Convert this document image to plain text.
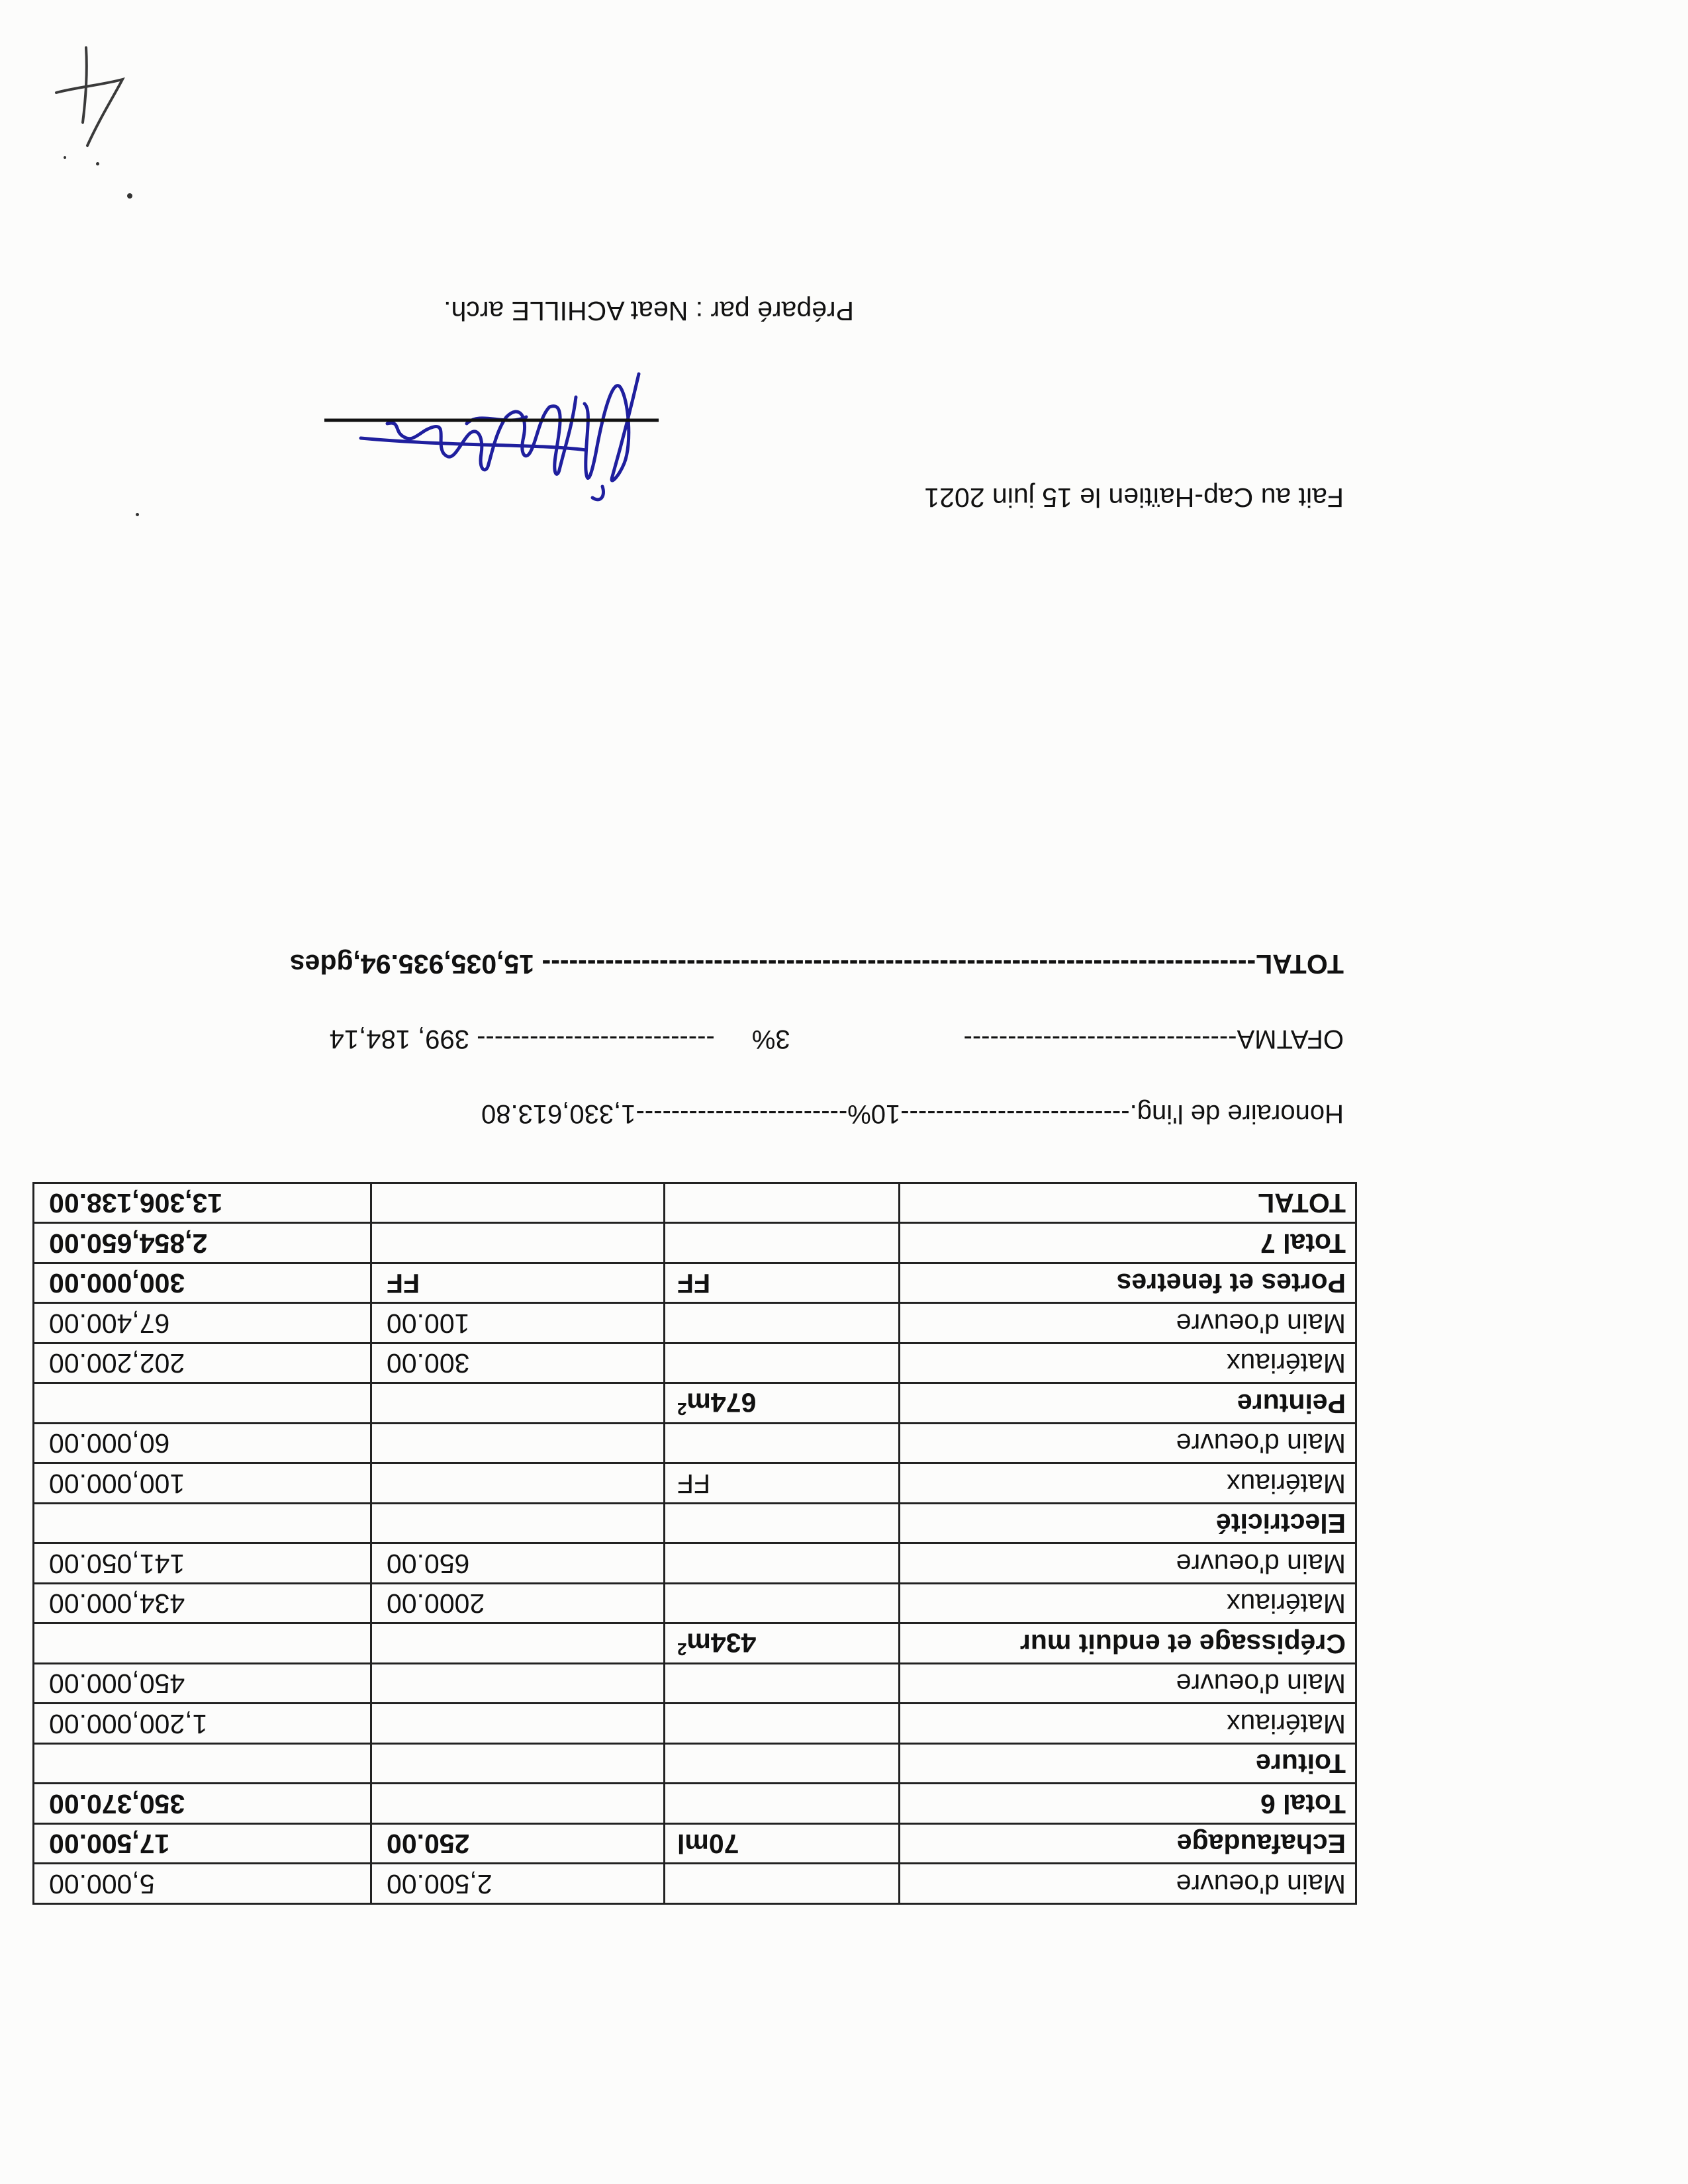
Main d'oeuvre		2,500.00	5,000.00
Echafaudage	70ml	250.00	17,500.00
Total 6			350,370.00
Toiture			
Matériaux			1,200,000.00
Main d'oeuvre			450,000.00
Crépissage et enduit mur	$434m^2$		
Matériaux		2000.00	434,000.00
Main d'oeuvre		650.00	141,050.00
Electricité			
Matériaux	FF		100,000.00
Main d'oeuvre			60,000.00
Peinture	$674m^2$		
Matériaux		300.00	202,200.00
Main d'oeuvre		100.00	67,400.00
Portes et fenetres	FF	FF	300,000.00
Total 7			2,854,650.00
TOTAL			13,306,138.00
Honoraire de l'ing.--------------------------10%------------------------1,330,613.80
OFATMA-------------------------------3%--------------------------- 399, 184,14
TOTAL------------------------------------------------------------------------------- 15,035,935.94,gdes
Fait au Cap-Haïtien le 15 juin 2021
Préparé par : Neat ACHILLE arch.
